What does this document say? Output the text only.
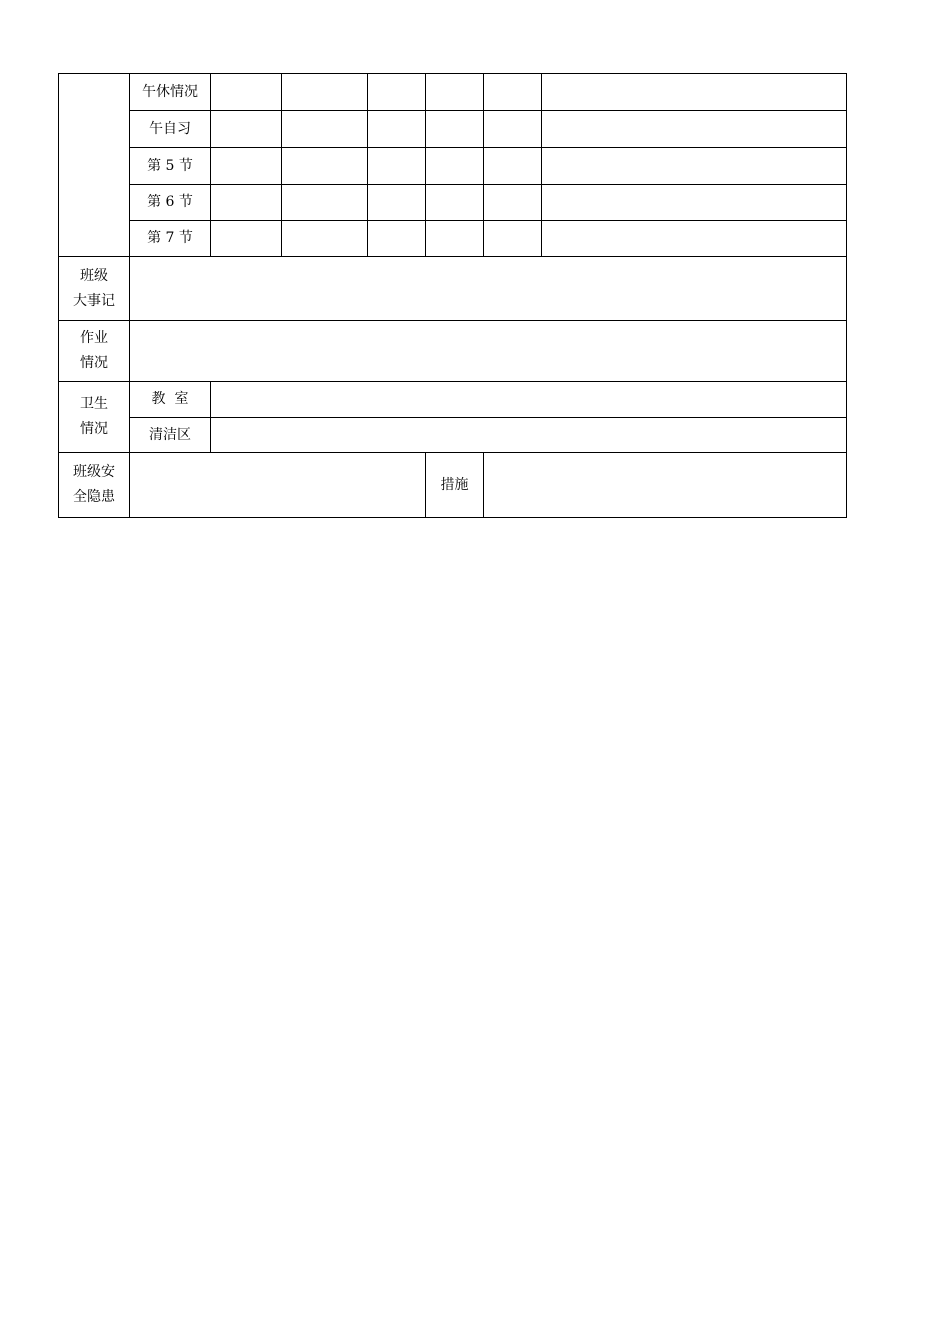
	午休情况						
	午自习						
	第 5 节						
	第 6 节						
	第 7 节						

班级
大事记							

作业
情况							

卫生
情况	教  室						
	清洁区						

班级安
全隐患					措施		
